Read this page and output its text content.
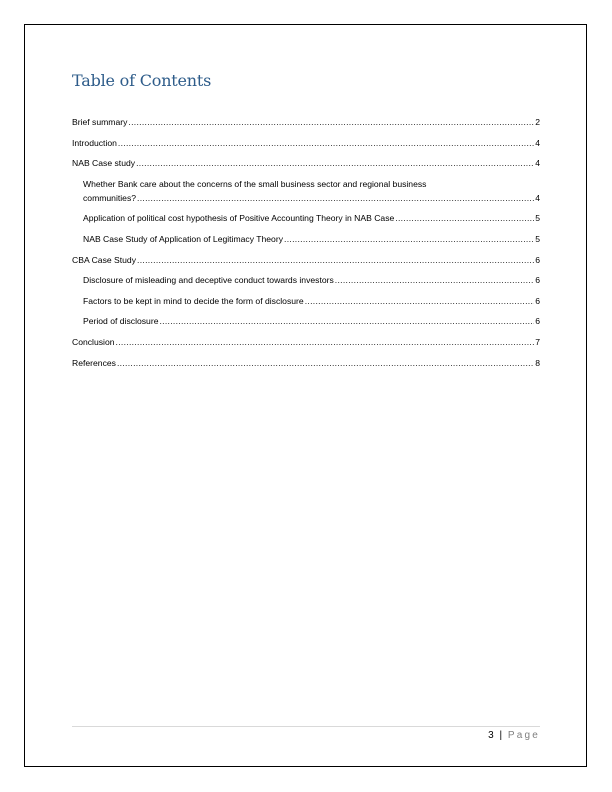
Table of Contents
Brief summary .....	2
Introduction .....	4
NAB Case study .....	4
Whether Bank care about the concerns of the small business sector and regional business
communities? .....	4
Application of political cost hypothesis of Positive Accounting Theory in NAB Case .....	5
NAB Case Study of Application of Legitimacy Theory .....	5
CBA Case Study .....	6
Disclosure of misleading and deceptive conduct towards investors .....	6
Factors to be kept in mind to decide the form of disclosure .....	6
Period of disclosure .....	6
Conclusion .....	7
References .....	8
3 | Page
